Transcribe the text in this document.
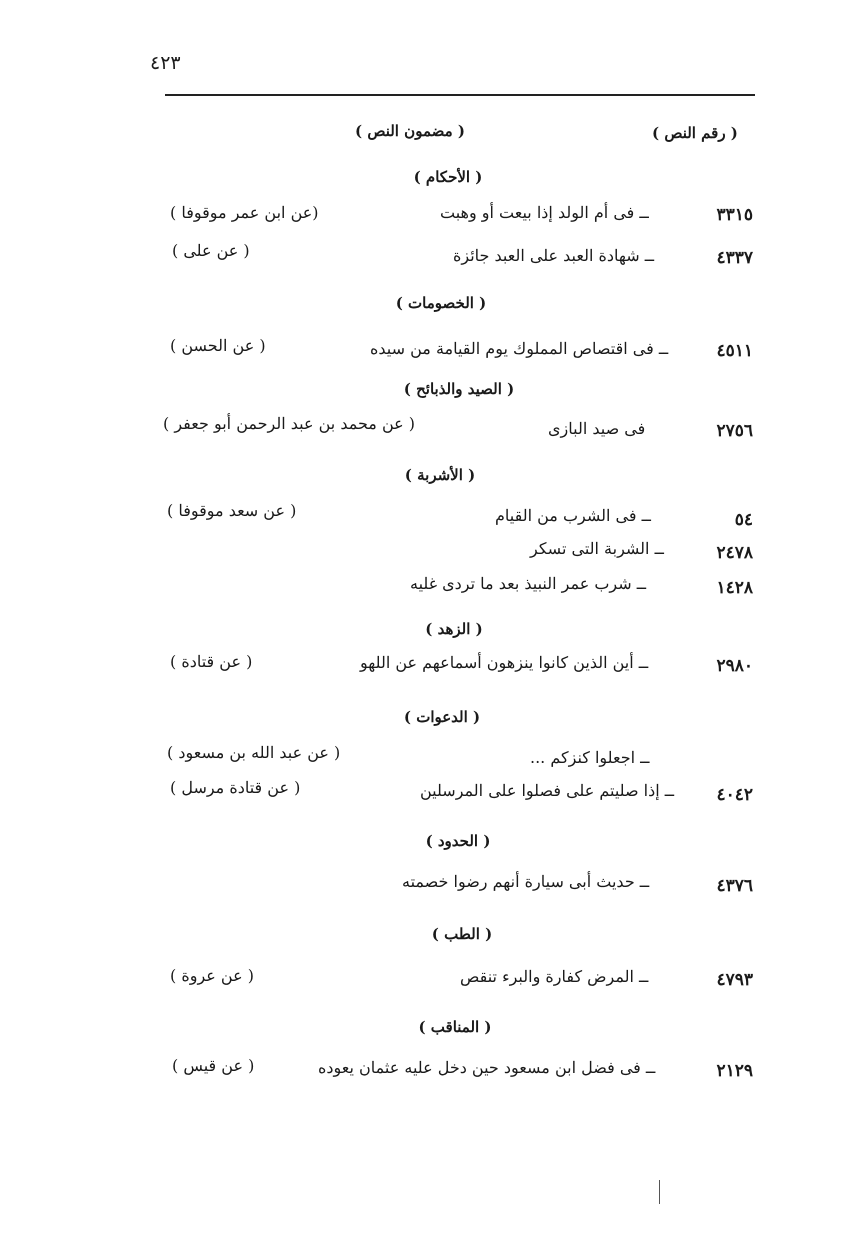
٤٢٣
( مضمون النص )	( رقم النص )
( الأحكام )
٣٣١٥
ــ فى أم الولد إذا بيعت أو وهبت
(عن ابن عمر موقوفا )
٤٣٣٧
ــ شهادة العبد على العبد جائزة
( عن على )
( الخصومات )
٤٥١١
ــ فى اقتصاص المملوك يوم القيامة من سيده
( عن الحسن )
( الصيد والذبائح )
٢٧٥٦
فى صيد البازى
( عن محمد بن عبد الرحمن أبو جعفر )
( الأشربة )
٥٤
ــ فى الشرب من القيام
( عن سعد موقوفا )
٢٤٧٨
ــ الشربة التى تسكر
١٤٢٨
ــ شرب عمر النبيذ بعد ما تردى غليه
( الزهد )
٢٩٨٠
ــ أين الذين كانوا ينزهون أسماعهم عن اللهو
( عن قتادة )
( الدعوات )
ــ اجعلوا كنزكم ...
( عن عبد الله بن مسعود )
٤٠٤٢
ــ إذا صليتم على فصلوا على المرسلين
( عن قتادة مرسل )
( الحدود )
٤٣٧٦
ــ حديث أبى سيارة أنهم رضوا خصمته
( الطب )
٤٧٩٣
ــ المرض كفارة والبرء تنقص
( عن عروة )
( المناقب )
٢١٢٩
ــ فى فضل ابن مسعود حين دخل عليه عثمان يعوده
( عن قيس )
